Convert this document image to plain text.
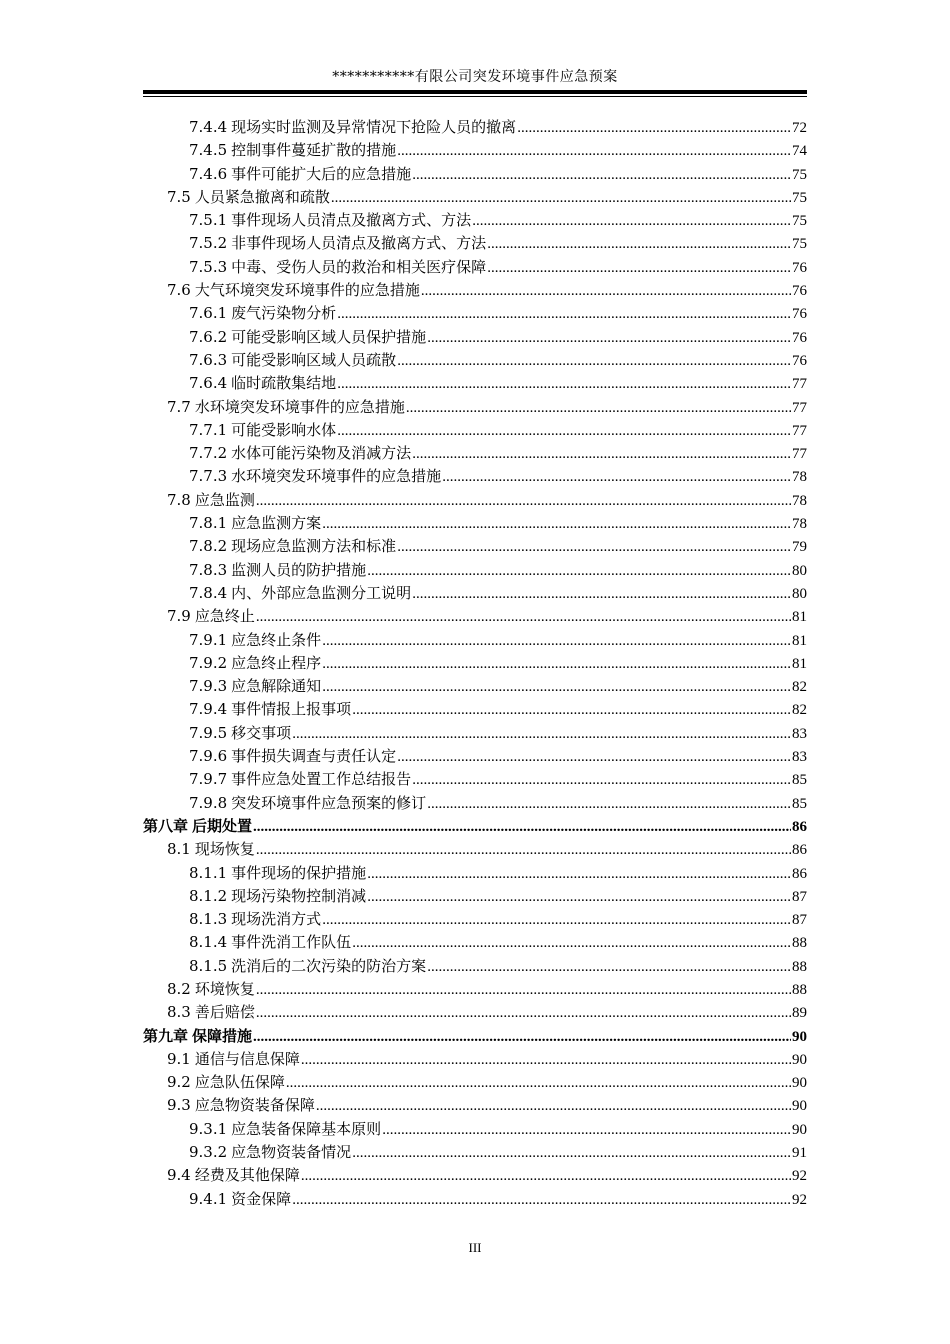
***********有限公司突发环境事件应急预案
7.4.4 现场实时监测及异常情况下抢险人员的撤离 .....	72
7.4.5 控制事件蔓延扩散的措施 .....	74
7.4.6 事件可能扩大后的应急措施 .....	75
7.5 人员紧急撤离和疏散 .....	75
7.5.1 事件现场人员清点及撤离方式、方法 .....	75
7.5.2 非事件现场人员清点及撤离方式、方法 .....	75
7.5.3 中毒、受伤人员的救治和相关医疗保障 .....	76
7.6 大气环境突发环境事件的应急措施 .....	76
7.6.1 废气污染物分析 .....	76
7.6.2 可能受影响区域人员保护措施 .....	76
7.6.3 可能受影响区域人员疏散 .....	76
7.6.4 临时疏散集结地 .....	77
7.7 水环境突发环境事件的应急措施 .....	77
7.7.1 可能受影响水体 .....	77
7.7.2 水体可能污染物及消减方法 .....	77
7.7.3 水环境突发环境事件的应急措施 .....	78
7.8 应急监测 .....	78
7.8.1 应急监测方案 .....	78
7.8.2 现场应急监测方法和标准 .....	79
7.8.3 监测人员的防护措施 .....	80
7.8.4 内、外部应急监测分工说明 .....	80
7.9 应急终止 .....	81
7.9.1 应急终止条件 .....	81
7.9.2 应急终止程序 .....	81
7.9.3 应急解除通知 .....	82
7.9.4 事件情报上报事项 .....	82
7.9.5 移交事项 .....	83
7.9.6 事件损失调查与责任认定 .....	83
7.9.7 事件应急处置工作总结报告 .....	85
7.9.8 突发环境事件应急预案的修订 .....	85
第八章 后期处置 .....	86
8.1 现场恢复 .....	86
8.1.1 事件现场的保护措施 .....	86
8.1.2 现场污染物控制消减 .....	87
8.1.3 现场洗消方式 .....	87
8.1.4 事件洗消工作队伍 .....	88
8.1.5 洗消后的二次污染的防治方案 .....	88
8.2 环境恢复 .....	88
8.3 善后赔偿 .....	89
第九章 保障措施 .....	90
9.1 通信与信息保障 .....	90
9.2 应急队伍保障 .....	90
9.3 应急物资装备保障 .....	90
9.3.1 应急装备保障基本原则 .....	90
9.3.2 应急物资装备情况 .....	91
9.4 经费及其他保障 .....	92
9.4.1 资金保障 .....	92
III
